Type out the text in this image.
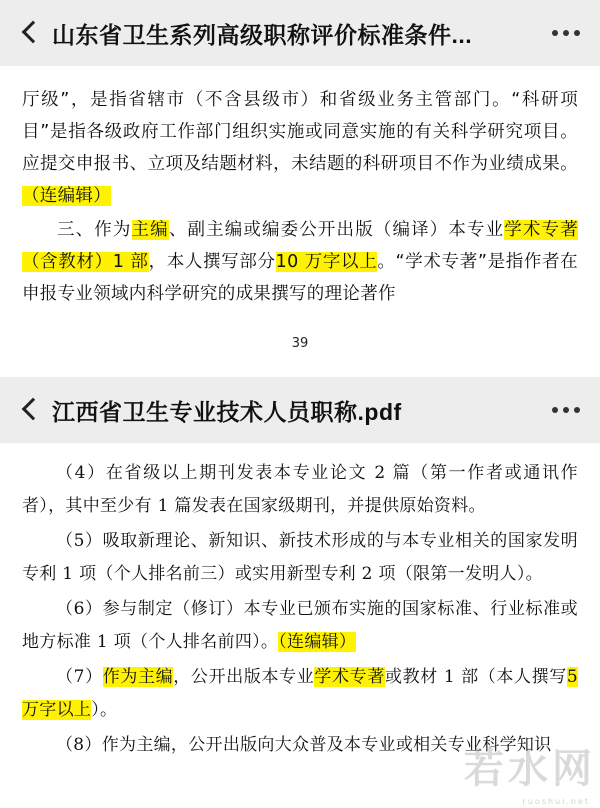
山东省卫生系列高级职称评价标准条件...

厅级”，是指省辖市（不含县级市）和省级业务主管部门。“科研项目”是指各级政府工作部门组织实施或同意实施的有关科学研究项目。应提交申报书、立项及结题材料，未结题的科研项目不作为业绩成果。（连编辑）

三、作为主编、副主编或编委公开出版（编译）本专业学术专著（含教材）1 部，本人撰写部分10 万字以上。“学术专著”是指作者在申报专业领域内科学研究的成果撰写的理论著作

39
江西省卫生专业技术人员职称.pdf

（4）在省级以上期刊发表本专业论文 2 篇（第一作者或通讯作者），其中至少有 1 篇发表在国家级期刊，并提供原始资料。

（5）吸取新理论、新知识、新技术形成的与本专业相关的国家发明专利 1 项（个人排名前三）或实用新型专利 2 项（限第一发明人）。

（6）参与制定（修订）本专业已颁布实施的国家标准、行业标准或地方标准 1 项（个人排名前四）。（连编辑）

（7）作为主编，公开出版本专业学术专著或教材 1 部（本人撰写5 万字以上）。

（8）作为主编，公开出版向大众普及本专业或相关专业科学知识

若水网
ruoshui.net
